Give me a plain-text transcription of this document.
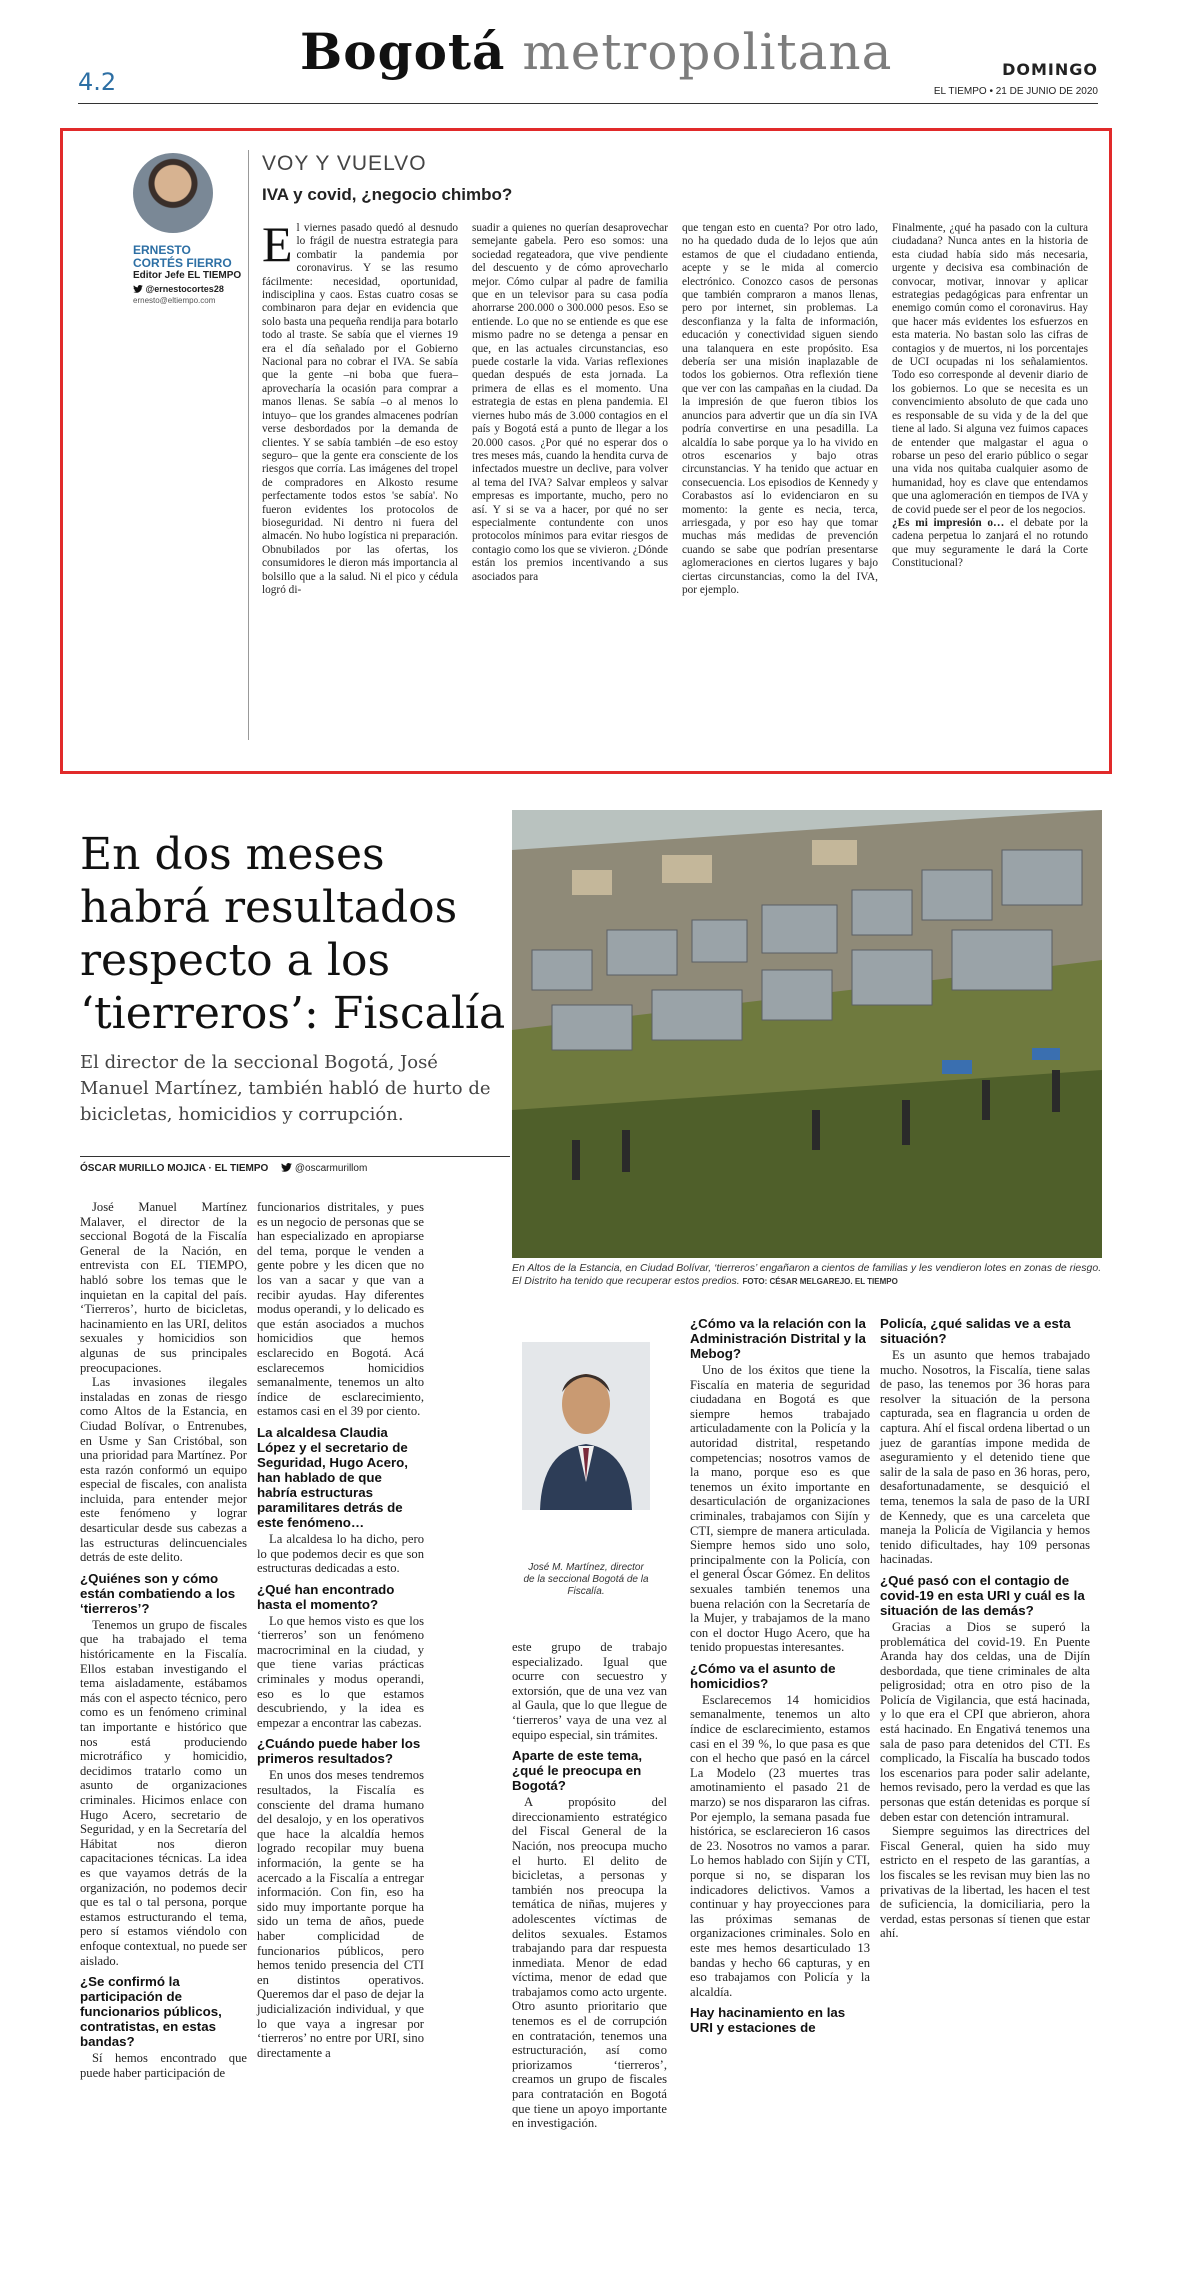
4.2
Bogotá metropolitana	DOMINGO
EL TIEMPO • 21 DE JUNIO DE 2020
ERNESTO
CORTÉS FIERRO
Editor Jefe EL TIEMPO
@ernestocortes28
ernesto@eltiempo.com
VOY Y VUELVO
IVA y covid, ¿negocio chimbo?
El viernes pasado quedó al desnudo lo frágil de nuestra estrategia para combatir la pandemia por coronavirus. Y se las resumo fácilmente: necesidad, oportunidad, indisciplina y caos. Estas cuatro cosas se combinaron para dejar en evidencia que solo basta una pequeña rendija para botarlo todo al traste. Se sabía que el viernes 19 era el día señalado por el Gobierno Nacional para no cobrar el IVA. Se sabía que la gente –ni boba que fuera– aprovecharía la ocasión para comprar a manos llenas. Se sabía –o al menos lo intuyo– que los grandes almacenes podrían verse desbordados por la demanda de clientes. Y se sabía también –de eso estoy seguro– que la gente era consciente de los riesgos que corría. Las imágenes del tropel de compradores en Alkosto resume perfectamente todos estos 'se sabía'. No fueron evidentes los protocolos de bioseguridad. Ni dentro ni fuera del almacén. No hubo logística ni preparación. Obnubilados por las ofertas, los consumidores le dieron más importancia al bolsillo que a la salud. Ni el pico y cédula logró di-
suadir a quienes no querían desaprovechar semejante gabela. Pero eso somos: una sociedad regateadora, que vive pendiente del descuento y de cómo aprovecharlo mejor. Cómo culpar al padre de familia que en un televisor para su casa podía ahorrarse 200.000 o 300.000 pesos. Eso se entiende. Lo que no se entiende es que ese mismo padre no se detenga a pensar en que, en las actuales circunstancias, eso puede costarle la vida. Varias reflexiones quedan después de esta jornada. La primera de ellas es el momento. Una estrategia de estas en plena pandemia. El viernes hubo más de 3.000 contagios en el país y Bogotá está a punto de llegar a los 20.000 casos. ¿Por qué no esperar dos o tres meses más, cuando la hendita curva de infectados muestre un declive, para volver al tema del IVA? Salvar empleos y salvar empresas es importante, mucho, pero no así. Y si se va a hacer, por qué no ser especialmente contundente con unos protocolos mínimos para evitar riesgos de contagio como los que se vivieron. ¿Dónde están los premios incentivando a sus asociados para
que tengan esto en cuenta? Por otro lado, no ha quedado duda de lo lejos que aún estamos de que el ciudadano entienda, acepte y se le mida al comercio electrónico. Conozco casos de personas que también compraron a manos llenas, pero por internet, sin problemas. La desconfianza y la falta de información, educación y conectividad siguen siendo una talanquera en este propósito. Esa debería ser una misión inaplazable de todos los gobiernos. Otra reflexión tiene que ver con las campañas en la ciudad. Da la impresión de que fueron tibios los anuncios para advertir que un día sin IVA podría convertirse en una pesadilla. La alcaldía lo sabe porque ya lo ha vivido en otros escenarios y bajo otras circunstancias. Y ha tenido que actuar en consecuencia. Los episodios de Kennedy y Corabastos así lo evidenciaron en su momento: la gente es necia, terca, arriesgada, y por eso hay que tomar muchas más medidas de prevención cuando se sabe que podrían presentarse aglomeraciones en ciertos lugares y bajo ciertas circunstancias, como la del IVA, por ejemplo.
Finalmente, ¿qué ha pasado con la cultura ciudadana? Nunca antes en la historia de esta ciudad había sido más necesaria, urgente y decisiva esa combinación de convocar, motivar, innovar y aplicar estrategias pedagógicas para enfrentar un enemigo común como el coronavirus. Hay que hacer más evidentes los esfuerzos en esta materia. No bastan solo las cifras de contagios y de muertos, ni los porcentajes de UCI ocupadas ni los señalamientos. Todo eso corresponde al devenir diario de los gobiernos. Lo que se necesita es un convencimiento absoluto de que cada uno es responsable de su vida y de la del que tiene al lado. Si alguna vez fuimos capaces de entender que malgastar el agua o robarse un peso del erario público o segar una vida nos quitaba cualquier asomo de humanidad, hoy es clave que entendamos que una aglomeración en tiempos de IVA y de covid puede ser el peor de los negocios.
¿Es mi impresión o… el debate por la cadena perpetua lo zanjará el no rotundo que muy seguramente le dará la Corte Constitucional?
En dos meses habrá resultados respecto a los ‘tierreros’: Fiscalía
El director de la seccional Bogotá, José Manuel Martínez, también habló de hurto de bicicletas, homicidios y corrupción.
ÓSCAR MURILLO MOJICA · EL TIEMPO	@oscarmurillom
En Altos de la Estancia, en Ciudad Bolívar, ‘tierreros’ engañaron a cientos de familias y les vendieron lotes en zonas de riesgo. El Distrito ha tenido que recuperar estos predios. FOTO: CÉSAR MELGAREJO. EL TIEMPO
José M. Martínez, director de la seccional Bogotá de la Fiscalía.

José Manuel Martínez Malaver, el director de la seccional Bogotá de la Fiscalía General de la Nación, en entrevista con EL TIEMPO, habló sobre los temas que le inquietan en la capital del país. ‘Tierreros’, hurto de bicicletas, hacinamiento en las URI, delitos sexuales y homicidios son algunas de sus principales preocupaciones.

Las invasiones ilegales instaladas en zonas de riesgo como Altos de la Estancia, en Ciudad Bolívar, o Entrenubes, en Usme y San Cristóbal, son una prioridad para Martínez. Por esta razón conformó un equipo especial de fiscales, con analista incluida, para entender mejor este fenómeno y lograr desarticular desde sus cabezas a las estructuras delincuenciales detrás de este delito.

¿Quiénes son y cómo están combatiendo a los ‘tierreros’?

Tenemos un grupo de fiscales que ha trabajado el tema históricamente en la Fiscalía. Ellos estaban investigando el tema aisladamente, estábamos más con el aspecto técnico, pero como es un fenómeno criminal tan importante e histórico que nos está produciendo microtráfico y homicidio, decidimos tratarlo como un asunto de organizaciones criminales. Hicimos enlace con Hugo Acero, secretario de Seguridad, y en la Secretaría del Hábitat nos dieron capacitaciones técnicas. La idea es que vayamos detrás de la organización, no podemos decir que es tal o tal persona, porque estamos estructurando el tema, pero sí estamos viéndolo con enfoque contextual, no puede ser aislado.

¿Se confirmó la participación de funcionarios públicos, contratistas, en estas bandas?

Sí hemos encontrado que puede haber participación de

funcionarios distritales, y pues es un negocio de personas que se han especializado en apropiarse del tema, porque le venden a gente pobre y les dicen que no los van a sacar y que van a recibir ayudas. Hay diferentes modus operandi, y lo delicado es que están asociados a muchos homicidios que hemos esclarecido en Bogotá. Acá esclarecemos homicidios semanalmente, tenemos un alto índice de esclarecimiento, estamos casi en el 39 por ciento.

La alcaldesa Claudia López y el secretario de Seguridad, Hugo Acero, han hablado de que habría estructuras paramilitares detrás de este fenómeno…

La alcaldesa lo ha dicho, pero lo que podemos decir es que son estructuras dedicadas a esto.

¿Qué han encontrado hasta el momento?

Lo que hemos visto es que los ‘tierreros’ son un fenómeno macrocriminal en la ciudad, y que tiene varias prácticas criminales y modus operandi, eso es lo que estamos descubriendo, y la idea es empezar a encontrar las cabezas.

¿Cuándo puede haber los primeros resultados?

En unos dos meses tendremos resultados, la Fiscalía es consciente del drama humano del desalojo, y en los operativos que hace la alcaldía hemos logrado recopilar muy buena información, la gente se ha acercado a la Fiscalía a entregar información. Con fin, eso ha sido muy importante porque ha sido un tema de años, puede haber complicidad de funcionarios públicos, pero hemos tenido presencia del CTI en distintos operativos. Queremos dar el paso de dejar la judicialización individual, y que lo que vaya a ingresar por ‘tierreros’ no entre por URI, sino directamente a

este grupo de trabajo especializado. Igual que ocurre con secuestro y extorsión, que de una vez van al Gaula, que lo que llegue de ‘tierreros’ vaya de una vez al equipo especial, sin trámites.

Aparte de este tema, ¿qué le preocupa en Bogotá?

A propósito del direccionamiento estratégico del Fiscal General de la Nación, nos preocupa mucho el hurto. El delito de bicicletas, a personas y también nos preocupa la temática de niñas, mujeres y adolescentes víctimas de delitos sexuales. Estamos trabajando para dar respuesta inmediata. Menor de edad víctima, menor de edad que trabajamos como acto urgente. Otro asunto prioritario que tenemos es el de corrupción en contratación, tenemos una estructuración, así como priorizamos ‘tierreros’, creamos un grupo de fiscales para contratación en Bogotá que tiene un apoyo importante en investigación.

¿Cómo va la relación con la Administración Distrital y la Mebog?

Uno de los éxitos que tiene la Fiscalía en materia de seguridad ciudadana en Bogotá es que siempre hemos trabajado articuladamente con la Policía y la autoridad distrital, respetando competencias; nosotros vamos de la mano, porque eso es que tenemos un éxito importante en desarticulación de organizaciones criminales, trabajamos con Sijín y CTI, siempre de manera articulada. Siempre hemos sido uno solo, principalmente con la Policía, con el general Óscar Gómez. En delitos sexuales también tenemos una buena relación con la Secretaría de la Mujer, y trabajamos de la mano con el doctor Hugo Acero, que ha tenido propuestas interesantes.

¿Cómo va el asunto de homicidios?

Esclarecemos 14 homicidios semanalmente, tenemos un alto índice de esclarecimiento, estamos casi en el 39 %, lo que pasa es que con el hecho que pasó en la cárcel La Modelo (23 muertes tras amotinamiento el pasado 21 de marzo) se nos dispararon las cifras. Por ejemplo, la semana pasada fue histórica, se esclarecieron 16 casos de 23. Nosotros no vamos a parar. Lo hemos hablado con Sijín y CTI, porque si no, se disparan los indicadores delictivos. Vamos a continuar y hay proyecciones para las próximas semanas de organizaciones criminales. Solo en este mes hemos desarticulado 13 bandas y hecho 66 capturas, y en eso trabajamos con Policía y la alcaldía.

Hay hacinamiento en las URI y estaciones de
Policía, ¿qué salidas ve a esta situación?

Es un asunto que hemos trabajado mucho. Nosotros, la Fiscalía, tiene salas de paso, las tenemos por 36 horas para resolver la situación de la persona capturada, sea en flagrancia u orden de captura. Ahí el fiscal ordena libertad o un juez de garantías impone medida de aseguramiento y el detenido tiene que salir de la sala de paso en 36 horas, pero, desafortunadamente, se desquició el tema, tenemos la sala de paso de la URI de Kennedy, que es una carceleta que maneja la Policía de Vigilancia y hemos tenido dificultades, hay 109 personas hacinadas.

¿Qué pasó con el contagio de covid-19 en esta URI y cuál es la situación de las demás?

Gracias a Dios se superó la problemática del covid-19. En Puente Aranda hay dos celdas, una de Dijín desbordada, que tiene criminales de alta peligrosidad; otra en otro piso de la Policía de Vigilancia, que está hacinada, y lo que era el CPI que abrieron, ahora está hacinado. En Engativá tenemos una sala de paso para detenidos del CTI. Es complicado, la Fiscalía ha buscado todos los escenarios para poder salir adelante, hemos revisado, pero la verdad es que las personas que están detenidas es porque sí deben estar con detención intramural.

Siempre seguimos las directrices del Fiscal General, quien ha sido muy estricto en el respeto de las garantías, a los fiscales se les revisan muy bien las no privativas de la libertad, les hacen el test de suficiencia, la domiciliaria, pero la verdad, estas personas sí tienen que estar ahí.
